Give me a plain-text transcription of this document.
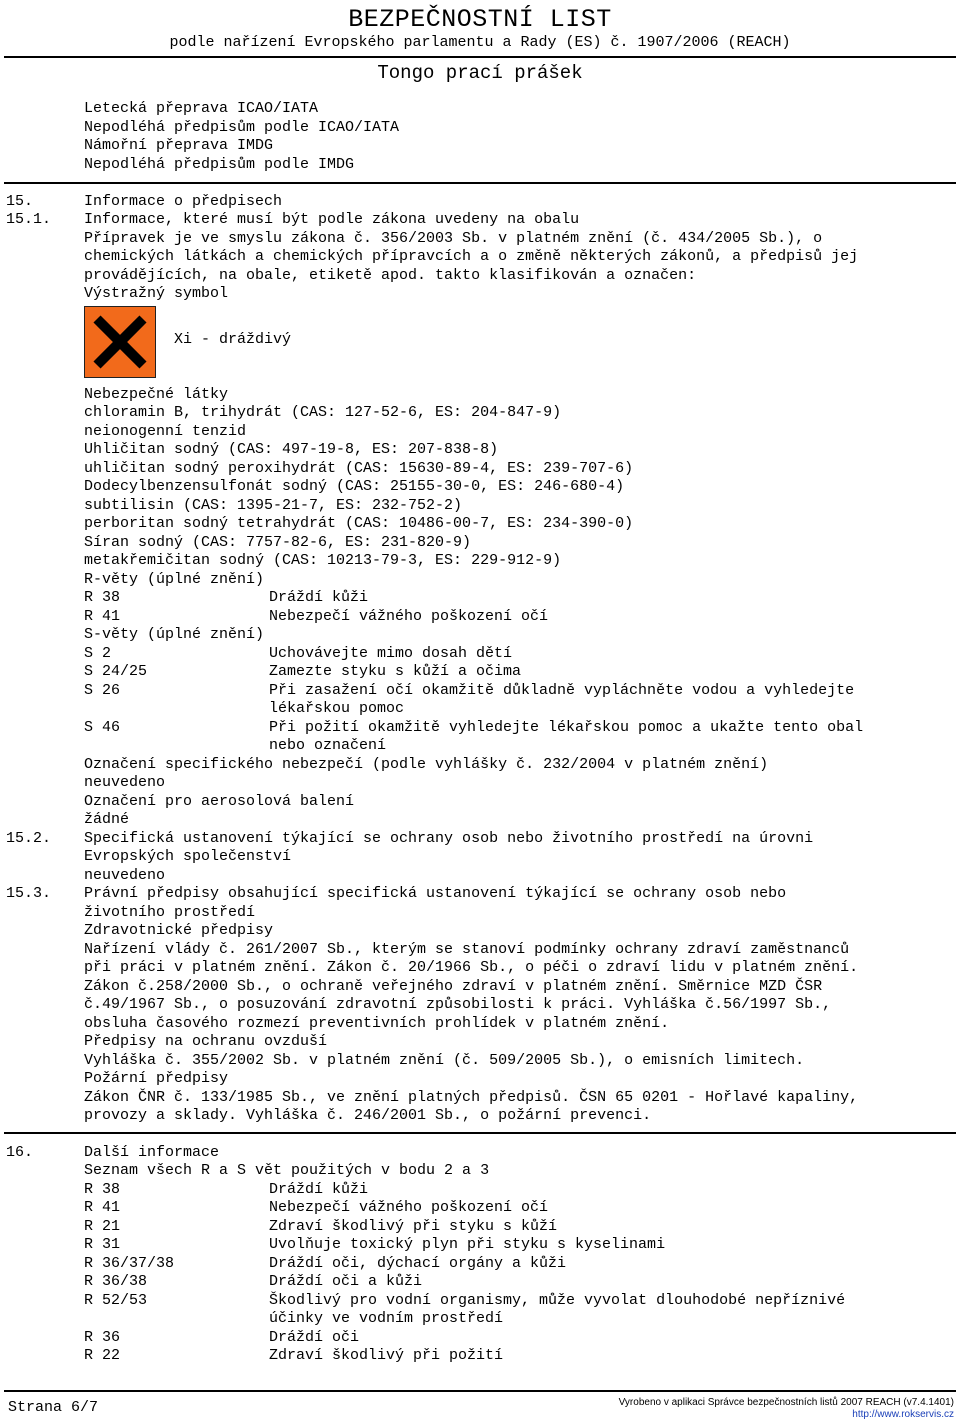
BEZPEČNOSTNÍ LIST
podle nařízení Evropského parlamentu a Rady (ES) č. 1907/2006 (REACH)
Tongo prací prášek
Letecká přeprava ICAO/IATA
Nepodléhá předpisům podle ICAO/IATA
Námořní přeprava IMDG
Nepodléhá předpisům podle IMDG
15.	Informace o předpisech
15.1. Informace, které musí být podle zákona uvedeny na obalu
Přípravek je ve smyslu zákona č. 356/2003 Sb. v platném znění (č. 434/2005 Sb.), o
chemických látkách a chemických přípravcích a o změně některých zákonů, a předpisů jej
provádějících, na obale, etiketě apod. takto klasifikován a označen:
Výstražný symbol
Xi - dráždivý
Nebezpečné látky
chloramin B, trihydrát (CAS: 127-52-6, ES: 204-847-9)
neionogenní tenzid
Uhličitan sodný (CAS: 497-19-8, ES: 207-838-8)
uhličitan sodný peroxihydrát (CAS: 15630-89-4, ES: 239-707-6)
Dodecylbenzensulfonát sodný (CAS: 25155-30-0, ES: 246-680-4)
subtilisin (CAS: 1395-21-7, ES: 232-752-2)
perboritan sodný tetrahydrát (CAS: 10486-00-7, ES: 234-390-0)
Síran sodný (CAS: 7757-82-6, ES: 231-820-9)
metakřemičitan sodný (CAS: 10213-79-3, ES: 229-912-9)
R-věty (úplné znění)
R 38	Dráždí kůži
R 41	Nebezpečí vážného poškození očí
S-věty (úplné znění)
S 2	Uchovávejte mimo dosah dětí
S 24/25	Zamezte styku s kůží a očima
S 26	Při zasažení očí okamžitě důkladně vypláchněte vodou a vyhledejte
lékařskou pomoc
S 46	Při požití okamžitě vyhledejte lékařskou pomoc a ukažte tento obal
nebo označení
Označení specifického nebezpečí (podle vyhlášky č. 232/2004 v platném znění)
neuvedeno
Označení pro aerosolová balení
žádné
15.2. Specifická ustanovení týkající se ochrany osob nebo životního prostředí na úrovni
Evropských společenství
neuvedeno
15.3. Právní předpisy obsahující specifická ustanovení týkající se ochrany osob nebo
životního prostředí
Zdravotnické předpisy
Nařízení vlády č. 261/2007 Sb., kterým se stanoví podmínky ochrany zdraví zaměstnanců
při práci v platném znění. Zákon č. 20/1966 Sb., o péči o zdraví lidu v platném znění.
Zákon č.258/2000 Sb., o ochraně veřejného zdraví v platném znění. Směrnice MZD ČSR
č.49/1967 Sb., o posuzování zdravotní způsobilosti k práci. Vyhláška č.56/1997 Sb.,
obsluha časového rozmezí preventivních prohlídek v platném znění.
Předpisy na ochranu ovzduší
Vyhláška č. 355/2002 Sb. v platném znění (č. 509/2005 Sb.), o emisních limitech.
Požární předpisy
Zákon ČNR č. 133/1985 Sb., ve znění platných předpisů. ČSN 65 0201 - Hořlavé kapaliny,
provozy a sklady. Vyhláška č. 246/2001 Sb., o požární prevenci.
16.	Další informace
Seznam všech R a S vět použitých v bodu 2 a 3
R 38	Dráždí kůži
R 41	Nebezpečí vážného poškození očí
R 21	Zdraví škodlivý při styku s kůží
R 31	Uvolňuje toxický plyn při styku s kyselinami
R 36/37/38	Dráždí oči, dýchací orgány a kůži
R 36/38	Dráždí oči a kůži
R 52/53	Škodlivý pro vodní organismy, může vyvolat dlouhodobé nepříznivé
účinky ve vodním prostředí
R 36	Dráždí oči
R 22	Zdraví škodlivý při požití
Strana 6/7	Vyrobeno v aplikaci Správce bezpečnostních listů 2007 REACH (v7.4.1401)
http://www.rokservis.cz
